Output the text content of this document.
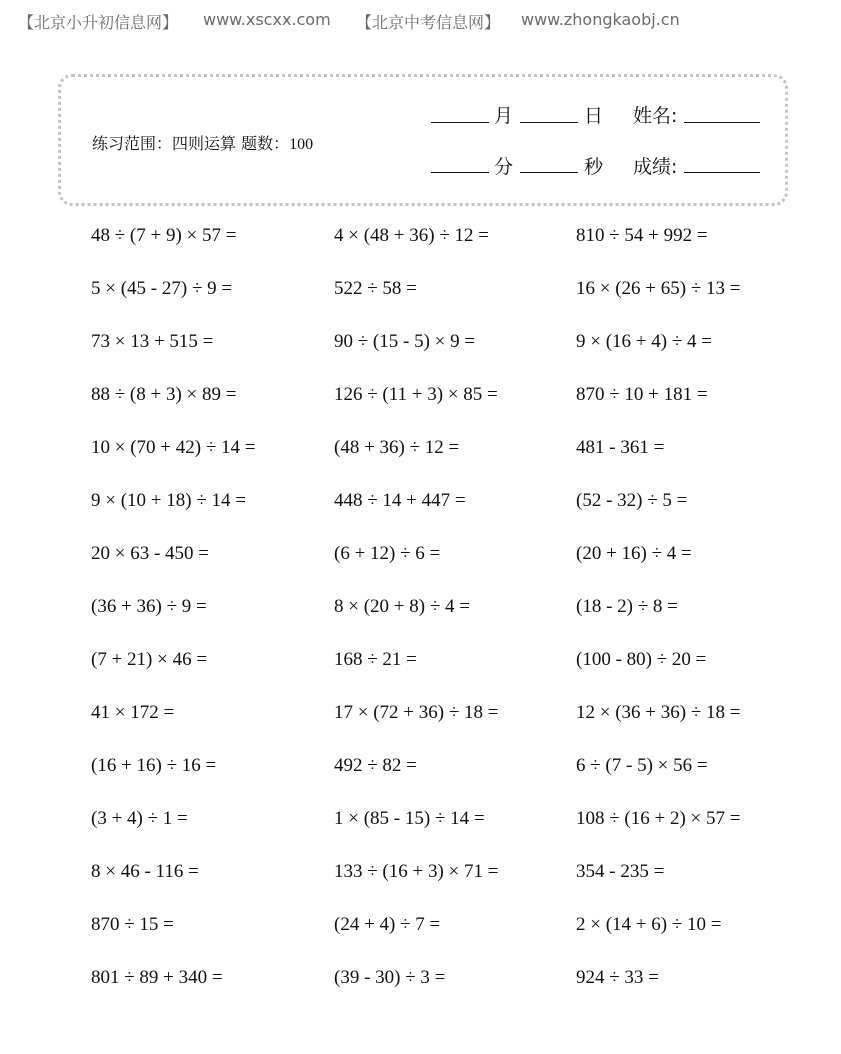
【北京小升初信息网】 www.xscxx.com 【北京中考信息网】 www.zhongkaobj.cn
练习范围：四则运算 题数：100
月	日 姓名:
分	秒 成绩:
48 ÷ (7 + 9) × 57 =	4 × (48 + 36) ÷ 12 =	810 ÷ 54 + 992 =
5 × (45 - 27) ÷ 9 =	522 ÷ 58 =	16 × (26 + 65) ÷ 13 =
73 × 13 + 515 =	90 ÷ (15 - 5) × 9 =	9 × (16 + 4) ÷ 4 =
88 ÷ (8 + 3) × 89 =	126 ÷ (11 + 3) × 85 =	870 ÷ 10 + 181 =
10 × (70 + 42) ÷ 14 =	(48 + 36) ÷ 12 =	481 - 361 =
9 × (10 + 18) ÷ 14 =	448 ÷ 14 + 447 =	(52 - 32) ÷ 5 =
20 × 63 - 450 =	(6 + 12) ÷ 6 =	(20 + 16) ÷ 4 =
(36 + 36) ÷ 9 =	8 × (20 + 8) ÷ 4 =	(18 - 2) ÷ 8 =
(7 + 21) × 46 =	168 ÷ 21 =	(100 - 80) ÷ 20 =
41 × 172 =	17 × (72 + 36) ÷ 18 =	12 × (36 + 36) ÷ 18 =
(16 + 16) ÷ 16 =	492 ÷ 82 =	6 ÷ (7 - 5) × 56 =
(3 + 4) ÷ 1 =	1 × (85 - 15) ÷ 14 =	108 ÷ (16 + 2) × 57 =
8 × 46 - 116 =	133 ÷ (16 + 3) × 71 =	354 - 235 =
870 ÷ 15 =	(24 + 4) ÷ 7 =	2 × (14 + 6) ÷ 10 =
801 ÷ 89 + 340 =	(39 - 30) ÷ 3 =	924 ÷ 33 =
